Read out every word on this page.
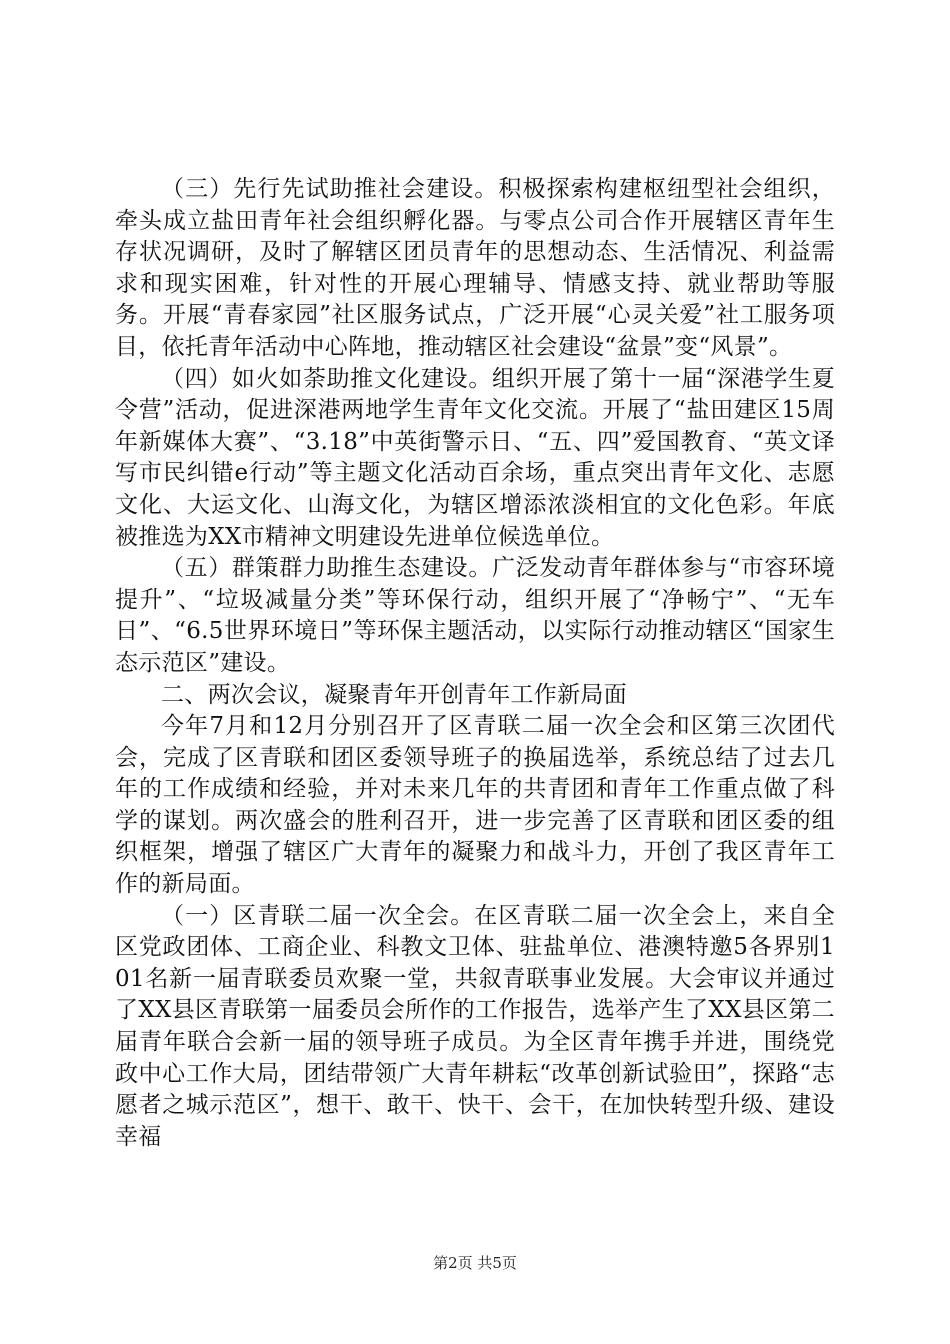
（三）先行先试助推社会建设。积极探索构建枢纽型社会组织，牵头成立盐田青年社会组织孵化器。与零点公司合作开展辖区青年生存状况调研，及时了解辖区团员青年的思想动态、生活情况、利益需求和现实困难，针对性的开展心理辅导、情感支持、就业帮助等服务。开展“青春家园”社区服务试点，广泛开展“心灵关爱”社工服务项目，依托青年活动中心阵地，推动辖区社会建设“盆景”变“风景”。

（四）如火如荼助推文化建设。组织开展了第十一届“深港学生夏令营”活动，促进深港两地学生青年文化交流。开展了“盐田建区15周年新媒体大赛”、“3.18”中英街警示日、“五、四”爱国教育、“英文译写市民纠错e行动”等主题文化活动百余场，重点突出青年文化、志愿文化、大运文化、山海文化，为辖区增添浓淡相宜的文化色彩。年底被推选为XX市精神文明建设先进单位候选单位。

（五）群策群力助推生态建设。广泛发动青年群体参与“市容环境提升”、“垃圾减量分类”等环保行动，组织开展了“净畅宁”、“无车日”、“6.5世界环境日”等环保主题活动，以实际行动推动辖区“国家生态示范区”建设。

二、两次会议，凝聚青年开创青年工作新局面

今年7月和12月分别召开了区青联二届一次全会和区第三次团代会，完成了区青联和团区委领导班子的换届选举，系统总结了过去几年的工作成绩和经验，并对未来几年的共青团和青年工作重点做了科学的谋划。两次盛会的胜利召开，进一步完善了区青联和团区委的组织框架，增强了辖区广大青年的凝聚力和战斗力，开创了我区青年工作的新局面。

（一）区青联二届一次全会。在区青联二届一次全会上，来自全区党政团体、工商企业、科教文卫体、驻盐单位、港澳特邀5各界别101名新一届青联委员欢聚一堂，共叙青联事业发展。大会审议并通过了XX县区青联第一届委员会所作的工作报告，选举产生了XX县区第二届青年联合会新一届的领导班子成员。为全区青年携手并进，围绕党政中心工作大局，团结带领广大青年耕耘“改革创新试验田”，探路“志愿者之城示范区”，想干、敢干、快干、会干，在加快转型升级、建设幸福

第2页 共5页
